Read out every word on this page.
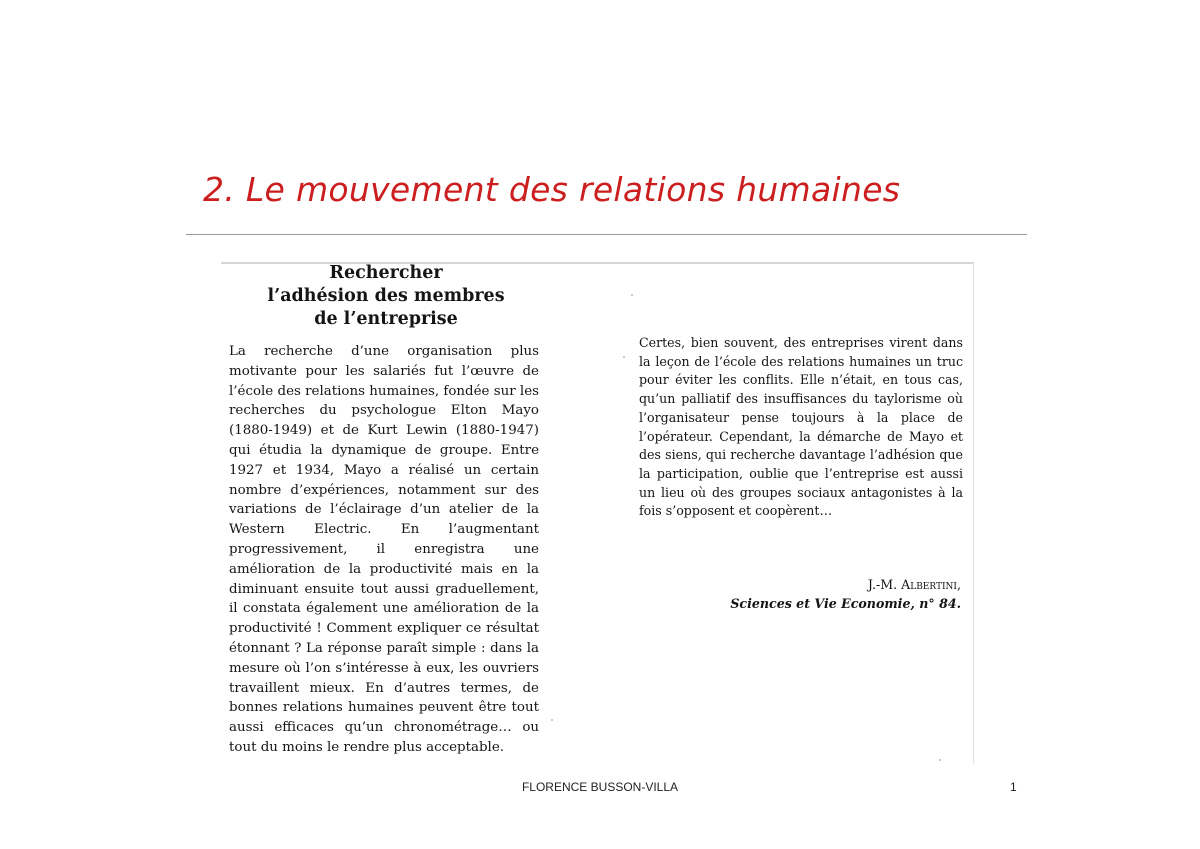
2. Le mouvement des relations humaines
Rechercher
l’adhésion des membres
de l’entreprise
La recherche d’une organisation plus motivante pour les salariés fut l’œuvre de l’école des relations humaines, fondée sur les recherches du psychologue Elton Mayo (1880-1949) et de Kurt Lewin (1880-1947) qui étudia la dynamique de groupe. Entre 1927 et 1934, Mayo a réalisé un certain nombre d’expériences, notamment sur des variations de l’éclairage d’un atelier de la Western Electric. En l’augmentant progressivement, il enregistra une amélioration de la productivité mais en la diminuant ensuite tout aussi graduellement, il constata également une amélioration de la productivité ! Comment expliquer ce résultat étonnant ? La réponse paraît simple : dans la mesure où l’on s’intéresse à eux, les ouvriers travaillent mieux. En d’autres termes, de bonnes relations humaines peuvent être tout aussi efficaces qu’un chronométrage… ou tout du moins le rendre plus acceptable.
Certes, bien souvent, des entreprises virent dans la leçon de l’école des relations humaines un truc pour éviter les conflits. Elle n’était, en tous cas, qu’un palliatif des insuffisances du taylorisme où l’organisateur pense toujours à la place de l’opérateur. Cependant, la démarche de Mayo et des siens, qui recherche davantage l’adhésion que la participation, oublie que l’entreprise est aussi un lieu où des groupes sociaux antagonistes à la fois s’opposent et coopèrent…
J.-M. Albertini,
Sciences et Vie Economie, n° 84.
FLORENCE BUSSON-VILLA	1
